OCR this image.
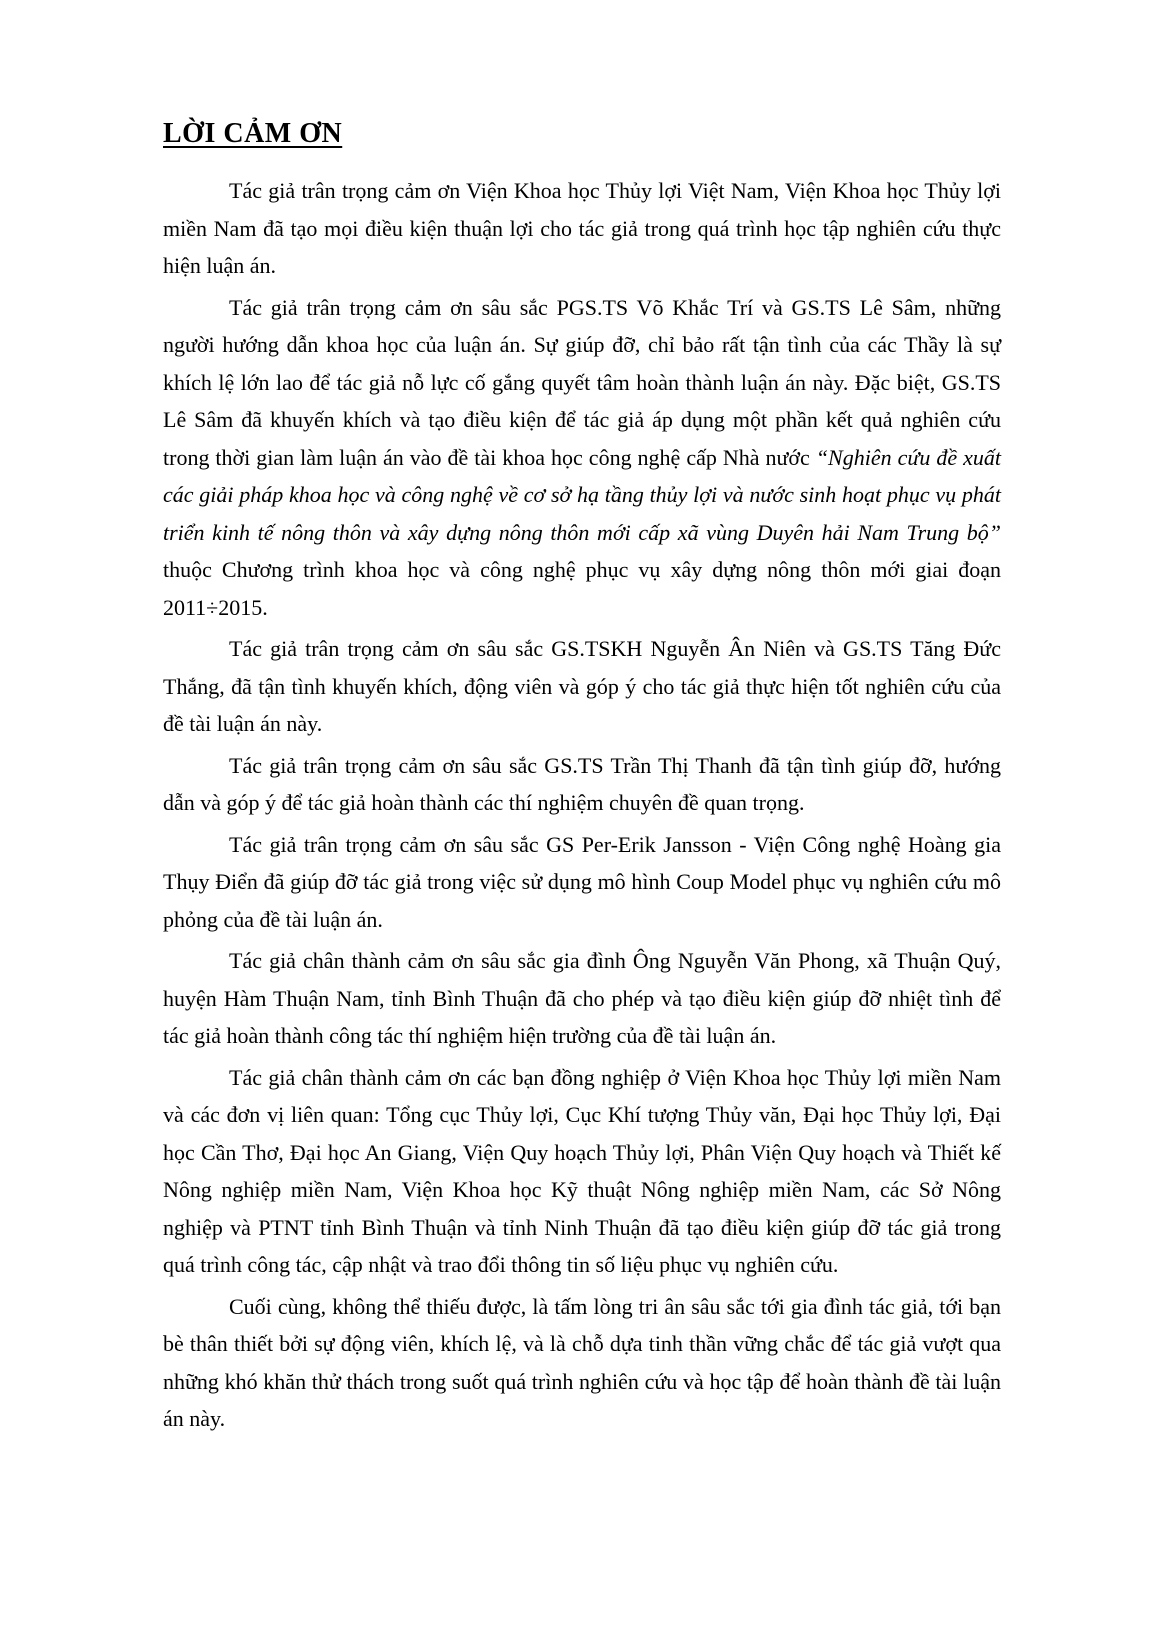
LỜI CẢM ƠN

Tác giả trân trọng cảm ơn Viện Khoa học Thủy lợi Việt Nam, Viện Khoa học Thủy lợi miền Nam đã tạo mọi điều kiện thuận lợi cho tác giả trong quá trình học tập nghiên cứu thực hiện luận án.

Tác giả trân trọng cảm ơn sâu sắc PGS.TS Võ Khắc Trí và GS.TS Lê Sâm, những người hướng dẫn khoa học của luận án. Sự giúp đỡ, chỉ bảo rất tận tình của các Thầy là sự khích lệ lớn lao để tác giả nỗ lực cố gắng quyết tâm hoàn thành luận án này. Đặc biệt, GS.TS Lê Sâm đã khuyến khích và tạo điều kiện để tác giả áp dụng một phần kết quả nghiên cứu trong thời gian làm luận án vào đề tài khoa học công nghệ cấp Nhà nước “Nghiên cứu đề xuất các giải pháp khoa học và công nghệ về cơ sở hạ tầng thủy lợi và nước sinh hoạt phục vụ phát triển kinh tế nông thôn và xây dựng nông thôn mới cấp xã vùng Duyên hải Nam Trung bộ” thuộc Chương trình khoa học và công nghệ phục vụ xây dựng nông thôn mới giai đoạn 2011÷2015.

Tác giả trân trọng cảm ơn sâu sắc GS.TSKH Nguyễn Ân Niên và GS.TS Tăng Đức Thắng, đã tận tình khuyến khích, động viên và góp ý cho tác giả thực hiện tốt nghiên cứu của đề tài luận án này.

Tác giả trân trọng cảm ơn sâu sắc GS.TS Trần Thị Thanh đã tận tình giúp đỡ, hướng dẫn và góp ý để tác giả hoàn thành các thí nghiệm chuyên đề quan trọng.

Tác giả trân trọng cảm ơn sâu sắc GS Per-Erik Jansson - Viện Công nghệ Hoàng gia Thụy Điển đã giúp đỡ tác giả trong việc sử dụng mô hình Coup Model phục vụ nghiên cứu mô phỏng của đề tài luận án.

Tác giả chân thành cảm ơn sâu sắc gia đình Ông Nguyễn Văn Phong, xã Thuận Quý, huyện Hàm Thuận Nam, tỉnh Bình Thuận đã cho phép và tạo điều kiện giúp đỡ nhiệt tình để tác giả hoàn thành công tác thí nghiệm hiện trường của đề tài luận án.

Tác giả chân thành cảm ơn các bạn đồng nghiệp ở Viện Khoa học Thủy lợi miền Nam và các đơn vị liên quan: Tổng cục Thủy lợi, Cục Khí tượng Thủy văn, Đại học Thủy lợi, Đại học Cần Thơ, Đại học An Giang, Viện Quy hoạch Thủy lợi, Phân Viện Quy hoạch và Thiết kế Nông nghiệp miền Nam, Viện Khoa học Kỹ thuật Nông nghiệp miền Nam, các Sở Nông nghiệp và PTNT tỉnh Bình Thuận và tỉnh Ninh Thuận đã tạo điều kiện giúp đỡ tác giả trong quá trình công tác, cập nhật và trao đổi thông tin số liệu phục vụ nghiên cứu.

Cuối cùng, không thể thiếu được, là tấm lòng tri ân sâu sắc tới gia đình tác giả, tới bạn bè thân thiết bởi sự động viên, khích lệ, và là chỗ dựa tinh thần vững chắc để tác giả vượt qua những khó khăn thử thách trong suốt quá trình nghiên cứu và học tập để hoàn thành đề tài luận án này.
